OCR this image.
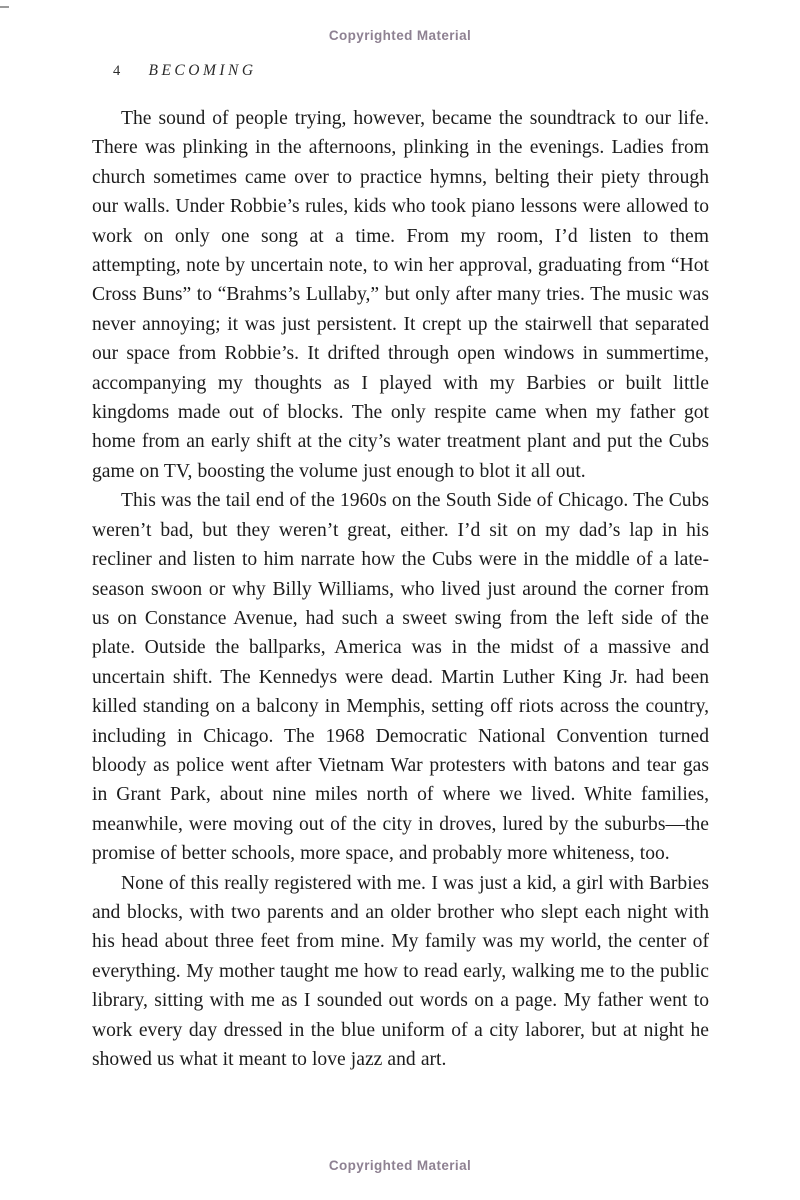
Copyrighted Material
4 BECOMING

The sound of people trying, however, became the soundtrack to our life. There was plinking in the afternoons, plinking in the evenings. Ladies from church sometimes came over to practice hymns, belting their piety through our walls. Under Robbie’s rules, kids who took piano lessons were allowed to work on only one song at a time. From my room, I’d listen to them attempting, note by uncertain note, to win her approval, graduating from “Hot Cross Buns” to “Brahms’s Lullaby,” but only after many tries. The music was never annoying; it was just persistent. It crept up the stairwell that separated our space from Robbie’s. It drifted through open windows in summertime, accompanying my thoughts as I played with my Barbies or built little kingdoms made out of blocks. The only respite came when my father got home from an early shift at the city’s water treatment plant and put the Cubs game on TV, boosting the volume just enough to blot it all out.

This was the tail end of the 1960s on the South Side of Chicago. The Cubs weren’t bad, but they weren’t great, either. I’d sit on my dad’s lap in his recliner and listen to him narrate how the Cubs were in the middle of a late-season swoon or why Billy Williams, who lived just around the corner from us on Constance Avenue, had such a sweet swing from the left side of the plate. Outside the ballparks, America was in the midst of a massive and uncertain shift. The Kennedys were dead. Martin Luther King Jr. had been killed standing on a balcony in Memphis, setting off riots across the country, including in Chicago. The 1968 Democratic National Convention turned bloody as police went after Vietnam War protesters with batons and tear gas in Grant Park, about nine miles north of where we lived. White families, meanwhile, were moving out of the city in droves, lured by the suburbs—the promise of better schools, more space, and probably more whiteness, too.

None of this really registered with me. I was just a kid, a girl with Barbies and blocks, with two parents and an older brother who slept each night with his head about three feet from mine. My family was my world, the center of everything. My mother taught me how to read early, walking me to the public library, sitting with me as I sounded out words on a page. My father went to work every day dressed in the blue uniform of a city laborer, but at night he showed us what it meant to love jazz and art.

Copyrighted Material
